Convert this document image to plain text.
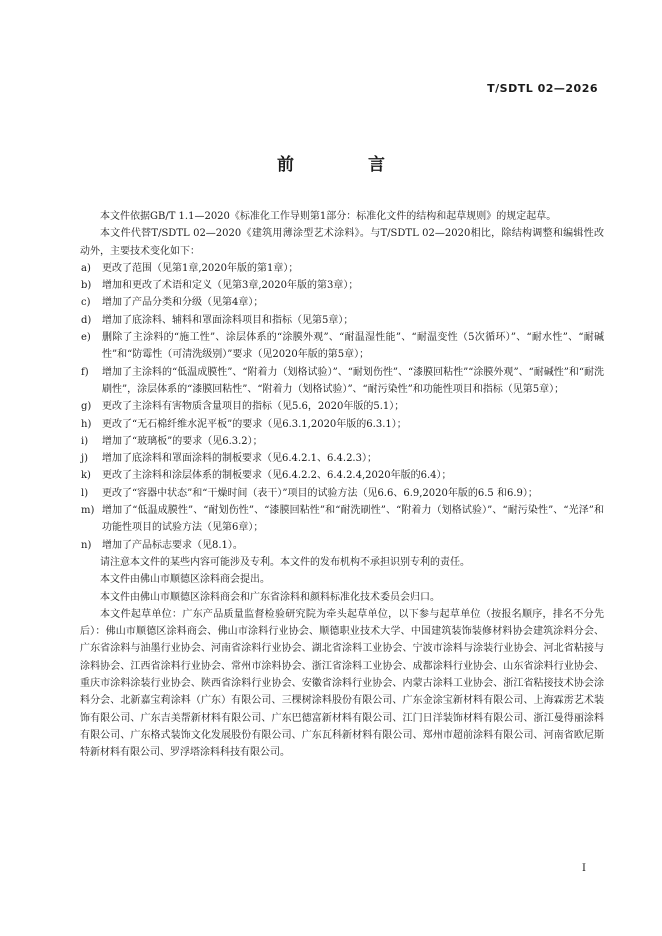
T/SDTL 02—2026
前 言

本文件依据GB/T 1.1—2020《标准化工作导则第1部分：标准化文件的结构和起草规则》的规定起草。

本文件代替T/SDTL 02—2020《建筑用薄涂型艺术涂料》。与T/SDTL 02—2020相比，除结构调整和编辑性改动外，主要技术变化如下：

a)	更改了范围（见第1章,2020年版的第1章）；
b)	增加和更改了术语和定义（见第3章,2020年版的第3章）；
c)	增加了产品分类和分级（见第4章）；
d)	增加了底涂料、辅料和罩面涂料项目和指标（见第5章）；
e)	删除了主涂料的“施工性”、涂层体系的“涂膜外观”、“耐温湿性能”、“耐温变性（5次循环）”、“耐水性”、“耐碱性”和“防霉性（可清洗级别）”要求（见2020年版的第5章）；
f)	增加了主涂料的“低温成膜性”、“附着力（划格试验）”、“耐划伤性”、“漆膜回粘性”“涂膜外观”、“耐碱性”和“耐洗刷性”，涂层体系的“漆膜回粘性”、“附着力（划格试验）”、“耐污染性”和功能性项目和指标（见第5章）；
g)	更改了主涂料有害物质含量项目的指标（见5.6，2020年版的5.1）；
h)	更改了“无石棉纤维水泥平板”的要求（见6.3.1,2020年版的6.3.1）；
i)	增加了“玻璃板”的要求（见6.3.2）；
j)	增加了底涂料和罩面涂料的制板要求（见6.4.2.1、6.4.2.3）；
k)	更改了主涂料和涂层体系的制板要求（见6.4.2.2、6.4.2.4,2020年版的6.4）；
l)	更改了“容器中状态”和“干燥时间（表干）”项目的试验方法（见6.6、6.9,2020年版的6.5 和6.9）；
m) 增加了“低温成膜性”、“耐划伤性”、“漆膜回粘性”和“耐洗刷性”、“附着力（划格试验）”、“耐污染性”、“光泽”和功能性项目的试验方法（见第6章）；
n)	增加了产品标志要求（见8.1）。

请注意本文件的某些内容可能涉及专利。本文件的发布机构不承担识别专利的责任。

本文件由佛山市顺德区涂料商会提出。

本文件由佛山市顺德区涂料商会和广东省涂料和颜料标准化技术委员会归口。

本文件起草单位：广东产品质量监督检验研究院为牵头起草单位，以下参与起草单位（按报名顺序，排名不分先后）：佛山市顺德区涂料商会、佛山市涂料行业协会、顺德职业技术大学、中国建筑装饰装修材料协会建筑涂料分会、广东省涂料与油墨行业协会、河南省涂料行业协会、湖北省涂料工业协会、宁波市涂料与涂装行业协会、河北省粘接与涂料协会、江西省涂料行业协会、常州市涂料协会、浙江省涂料工业协会、成都涂料行业协会、山东省涂料行业协会、重庆市涂料涂装行业协会、陕西省涂料行业协会、安徽省涂料行业协会、内蒙古涂料工业协会、浙江省粘接技术协会涂料分会、北新嘉宝莉涂料（广东）有限公司、三棵树涂料股份有限公司、广东金涂宝新材料有限公司、上海霖雳艺术装饰有限公司、广东吉美帮新材料有限公司、广东巴德富新材料有限公司、江门日洋装饰材料有限公司、浙江曼得丽涂料有限公司、广东格式装饰文化发展股份有限公司、广东瓦科新材料有限公司、郑州市超前涂料有限公司、河南省欧尼斯特新材料有限公司、罗浮塔涂料科技有限公司。

I
